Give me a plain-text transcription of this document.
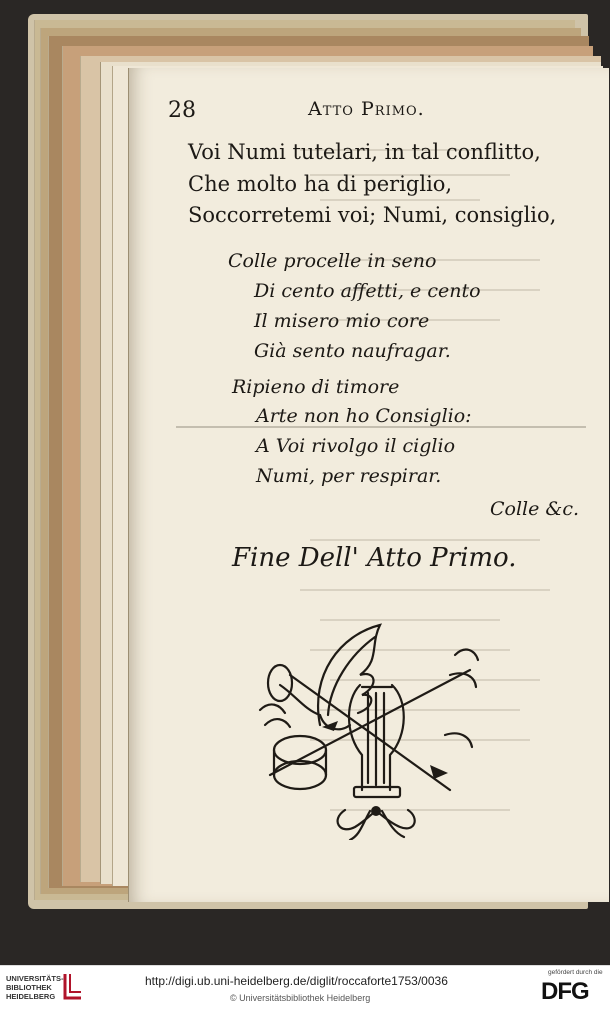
28	Atto Primo.
Voi Numi tutelari, in tal conflitto,
Che molto ha di periglio,
Soccorretemi voi; Numi, consiglio,
Colle procelle in seno
Di cento affetti, e cento
Il misero mio core
Già sento naufragar.
Ripieno di timore
Arte non ho Consiglio:
A Voi rivolgo il ciglio
Numi, per respirar.
Colle &c.
Fine Dell' Atto Primo.
UNIVERSITÄTS-
BIBLIOTHEK
HEIDELBERG
http://digi.ub.uni-heidelberg.de/diglit/roccaforte1753/0036
© Universitätsbibliothek Heidelberg
gefördert durch die
DFG
